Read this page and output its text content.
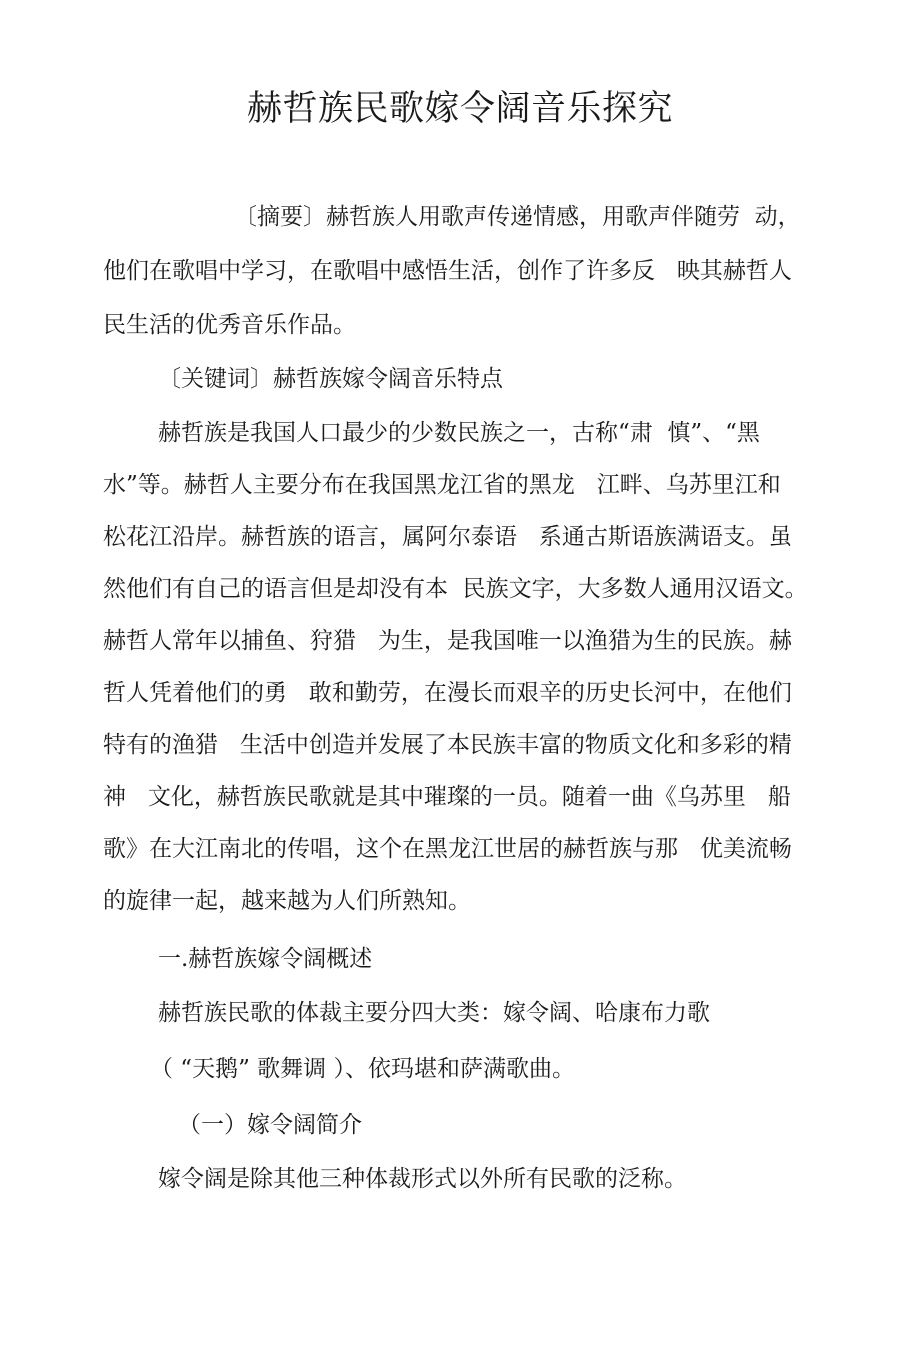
赫哲族民歌嫁令阔音乐探究

〔摘要〕赫哲族人用歌声传递情感，用歌声伴随劳  动，

他们在歌唱中学习，在歌唱中感悟生活，创作了许多反   映其赫哲人

民生活的优秀音乐作品。

〔关键词〕赫哲族嫁令阔音乐特点

赫哲族是我国人口最少的少数民族之一，古称“肃  慎”、“黑

水”等。赫哲人主要分布在我国黑龙江省的黑龙   江畔、乌苏里江和

松花江沿岸。赫哲族的语言，属阿尔泰语   系通古斯语族满语支。虽

然他们有自己的语言但是却没有本  民族文字，大多数人通用汉语文。

赫哲人常年以捕鱼、狩猎   为生，是我国唯一以渔猎为生的民族。赫

哲人凭着他们的勇   敢和勤劳，在漫长而艰辛的历史长河中，在他们

特有的渔猎   生活中创造并发展了本民族丰富的物质文化和多彩的精

神   文化，赫哲族民歌就是其中璀璨的一员。随着一曲《乌苏里   船

歌》在大江南北的传唱，这个在黑龙江世居的赫哲族与那   优美流畅

的旋律一起，越来越为人们所熟知。

一.赫哲族嫁令阔概述

赫哲族民歌的体裁主要分四大类：嫁令阔、哈康布力歌

（ “天鹅” 歌舞调 ）、依玛堪和萨满歌曲。

（一）嫁令阔简介

嫁令阔是除其他三种体裁形式以外所有民歌的泛称。
